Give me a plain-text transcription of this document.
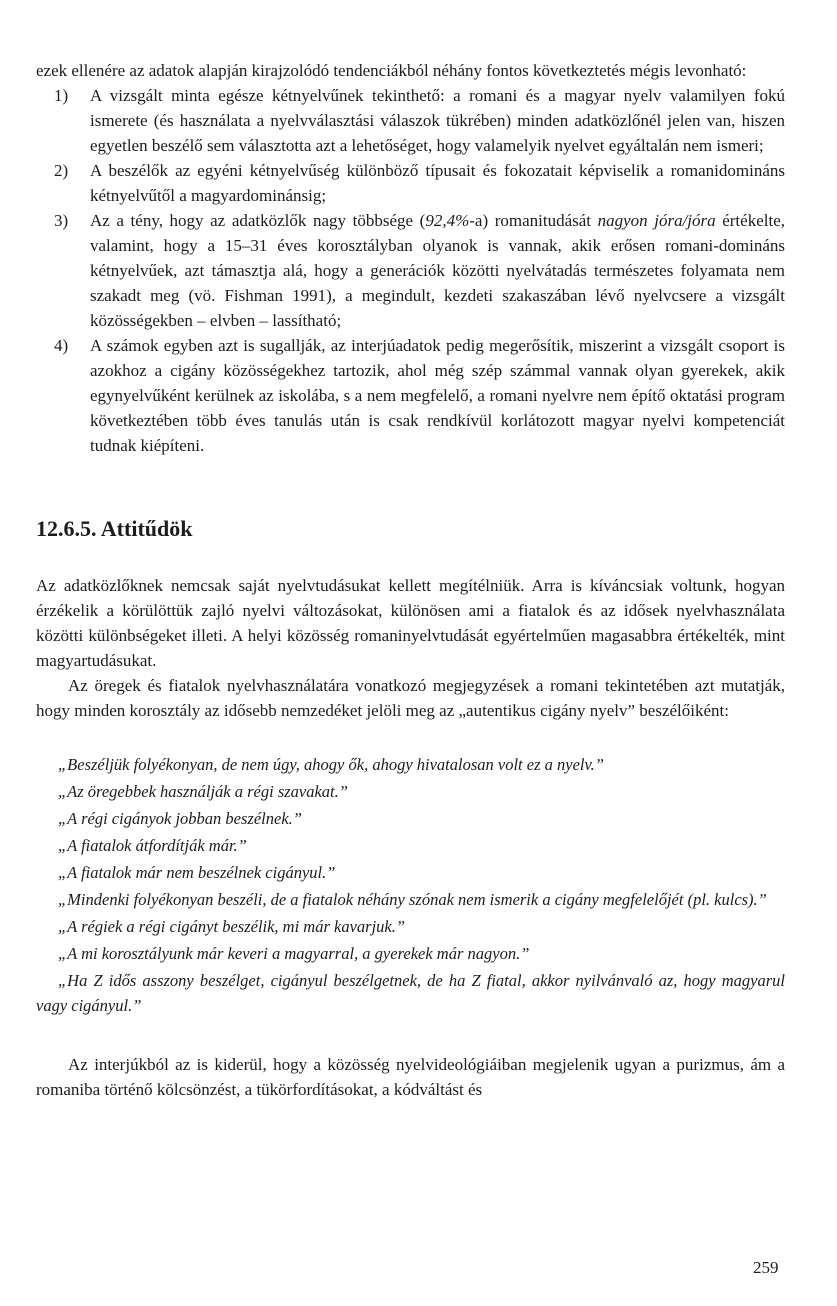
ezek ellenére az adatok alapján kirajzolódó tendenciákból néhány fontos következtetés mégis levonható:

1) A vizsgált minta egésze kétnyelvűnek tekinthető: a romani és a magyar nyelv valamilyen fokú ismerete (és használata a nyelvválasztási válaszok tükrében) minden adatközlőnél jelen van, hiszen egyetlen beszélő sem választotta azt a lehetőséget, hogy valamelyik nyelvet egyáltalán nem ismeri;
2) A beszélők az egyéni kétnyelvűség különböző típusait és fokozatait képviselik a romanidomináns kétnyelvűtől a magyardominánsig;
3) Az a tény, hogy az adatközlők nagy többsége (92,4%-a) romanitudását nagyon jóra/jóra értékelte, valamint, hogy a 15–31 éves korosztályban olyanok is vannak, akik erősen romani-domináns kétnyelvűek, azt támasztja alá, hogy a generációk közötti nyelvátadás természetes folyamata nem szakadt meg (vö. Fishman 1991), a megindult, kezdeti szakaszában lévő nyelvcsere a vizsgált közösségekben – elvben – lassítható;
4) A számok egyben azt is sugallják, az interjúadatok pedig megerősítik, miszerint a vizsgált csoport is azokhoz a cigány közösségekhez tartozik, ahol még szép számmal vannak olyan gyerekek, akik egynyelvűként kerülnek az iskolába, s a nem megfelelő, a romani nyelvre nem építő oktatási program következtében több éves tanulás után is csak rendkívül korlátozott magyar nyelvi kompetenciát tudnak kiépíteni.
12.6.5. Attitűdök

Az adatközlőknek nemcsak saját nyelvtudásukat kellett megítélniük. Arra is kíváncsiak voltunk, hogyan érzékelik a körülöttük zajló nyelvi változásokat, különösen ami a fiatalok és az idősek nyelvhasználata közötti különbségeket illeti. A helyi közösség romaninyelvtudását egyértelműen magasabbra értékelték, mint magyartudásukat.

Az öregek és fiatalok nyelvhasználatára vonatkozó megjegyzések a romani tekintetében azt mutatják, hogy minden korosztály az idősebb nemzedéket jelöli meg az „autentikus cigány nyelv” beszélőiként:

„Beszéljük folyékonyan, de nem úgy, ahogy ők, ahogy hivatalosan volt ez a nyelv.”

„Az öregebbek használják a régi szavakat.”

„A régi cigányok jobban beszélnek.”

„A fiatalok átfordítják már.”

„A fiatalok már nem beszélnek cigányul.”

„Mindenki folyékonyan beszéli, de a fiatalok néhány szónak nem ismerik a cigány megfelelőjét (pl. kulcs).”

„A régiek a régi cigányt beszélik, mi már kavarjuk.”

„A mi korosztályunk már keveri a magyarral, a gyerekek már nagyon.”

„Ha Z idős asszony beszélget, cigányul beszélgetnek, de ha Z fiatal, akkor nyilvánvaló az, hogy magyarul vagy cigányul.”

Az interjúkból az is kiderül, hogy a közösség nyelvideológiáiban megjelenik ugyan a purizmus, ám a romaniba történő kölcsönzést, a tükörfordításokat, a kódváltást és

259
